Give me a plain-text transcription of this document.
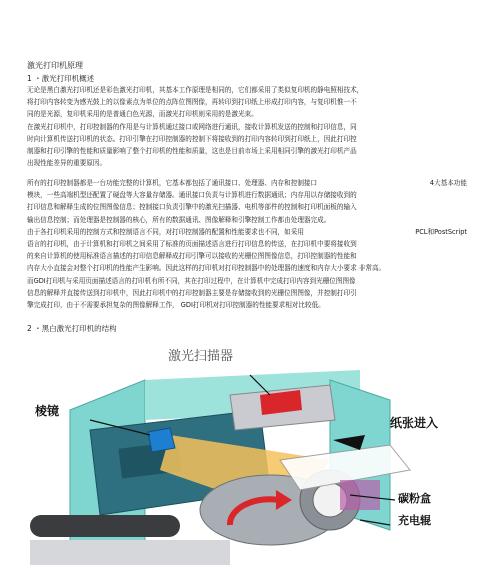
激光打印机原理
1 ・激光打印机概述
无论是黑白激光打印机还是彩色激光打印机，其基本工作原理是相同的，它们都采用了类似复印机的静电照相技术，
将打印内容转变为感光鼓上的以像素点为单位的点阵位图图像，再转印到打印纸上形成打印内容，与复印机惟一不
同的是光源，复印机采用的是普通白色光源，而激光打印机则采用的是激光束。
在激光打印机中，打印控制器的作用是与计算机通过接口或网络进行通讯，接收计算机发送的控制和打印信息，同
时向计算机传送打印机的状态。打印引擎在打印控制器的控制下将接收到的打印内容转印到打印纸上，因此打印控
制器和打印引擎的性能和质量影响了整个打印机的性能和质量，这也是目前市场上采用相同引擎的激光打印机产品
出现性能差异的重要原因。
所有的打印控制器都是一台功能完整的计算机，它基本都包括了通讯接口、处理器、内存和控制接口	4大基本功能
模块，一些高端机型还配置了硬盘等大容量存储器。通讯接口负责与计算机进行数据通讯；内存用以存储接收到的
打印信息和解释生成的位图图像信息；控制接口负责引擎中的激光扫描器、电机等部件的控制和打印机面板的输入
输出信息控制；而处理器是控制器的核心，所有的数据通讯、图像解释和引擎控制工作都由处理器完成。
由于各打印机采用的控制方式和控制语言不同，对打印控制器的配置和性能要求也不同，如采用	PCL和PostScript
语言的打印机，由于计算机和打印机之间采用了标准的页面描述语言进行打印信息的传送，在打印机中要将接收到
的来自计算机的使用标准语言描述的打印信息解释成打印引擎可以接收的光栅位图图像信息，打印控制器的性能和
内存大小直接会对整个打印机的性能产生影响。因此这样的打印机对打印控制器中的处理器的速度和内存大小要求 非常高。
而GDI打印机与采用页面描述语言的打印机有所不同，其在打印过程中，在计算机中完成打印内容到光栅位图图像
信息的解释并直接传送到打印机中，因此打印机中的打印控制器主要是存储接收到的光栅位图图像，并控制打印引
擎完成打印，由于不需要承担复杂的图像解释工作， GDI打印机对打印控制器的性能要求相对比较低。
2 ・黑白激光打印机的结构
激光扫描器
棱镜
纸张进入
碳粉盒
充电辊
